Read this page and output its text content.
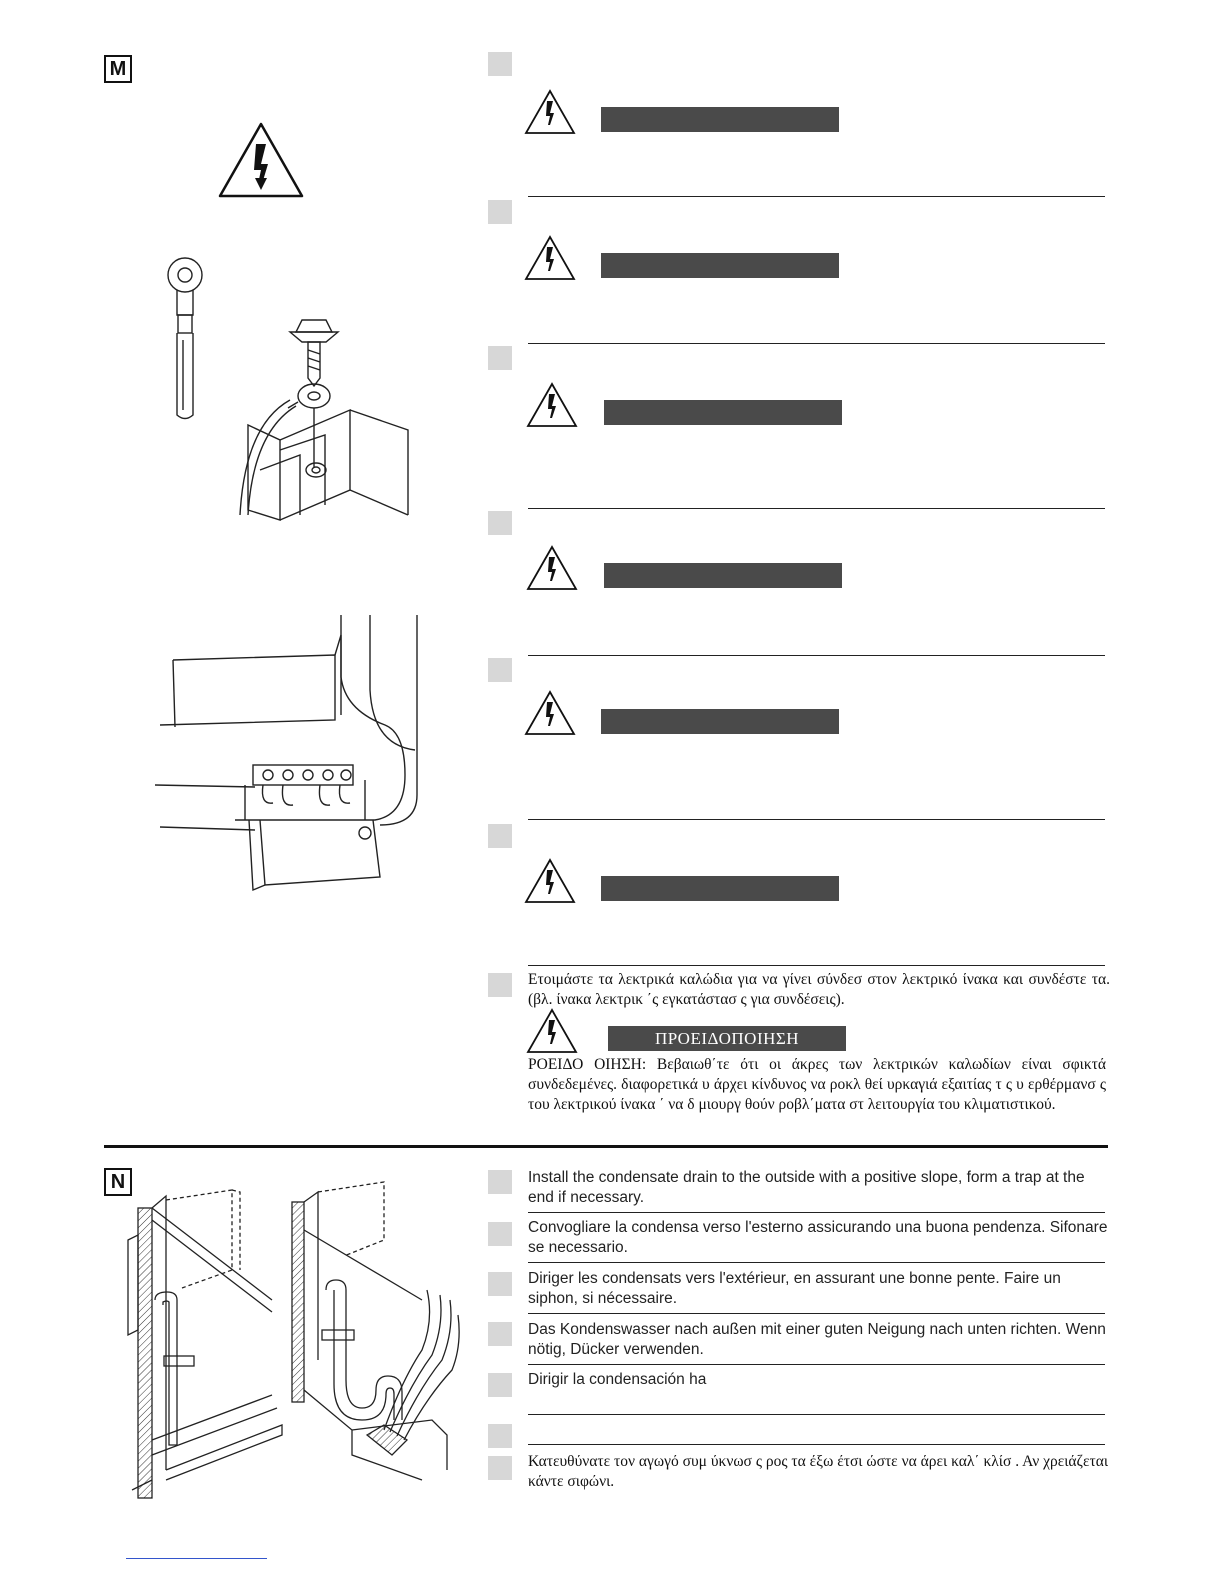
M
Ετοιμάστε τα λεκτρικά καλώδια για να γίνει σύνδεσ στον λεκτρικό ίνακα και συνδέστε τα. (βλ. ίνακα λεκτρικ ΄ς εγκατάστασ ς για συνδέσεις).
ΠΡΟΕΙΔΟΠΟΙΗΣΗ
ΡΟΕΙΔΟ ΟΙΗΣΗ: Βεβαιωθ΄τε ότι οι άκρες των λεκτρικών καλωδίων είναι σφικτά συνδεδεμένες. διαφορετικά υ άρχει κίνδυνος να ροκλ θεί υρκαγιά εξαιτίας τ ς υ ερθέρμανσ ς του λεκτρικού ίνακα ΄ να δ μιουργ θούν ροβλ΄ματα στ λειτουργία του κλιματιστικού.
N	Install the condensate drain to the outside with a positive slope, form a trap at the end if necessary.
Convogliare la condensa verso l'esterno assicurando una buona pendenza. Sifonare se necessario.
Diriger les condensats vers l'extérieur, en assurant une bonne pente. Faire un siphon, si nécessaire.
Das Kondenswasser nach außen mit einer guten Neigung nach unten richten. Wenn nötig, Dücker verwenden.
Dirigir la condensación ha
Κατευθύνατε τον αγωγό συμ ύκνωσ ς ρος τα έξω έτσι ώστε να άρει καλ΄ κλίσ . Αν χρειάζεται κάντε σιφώνι.
